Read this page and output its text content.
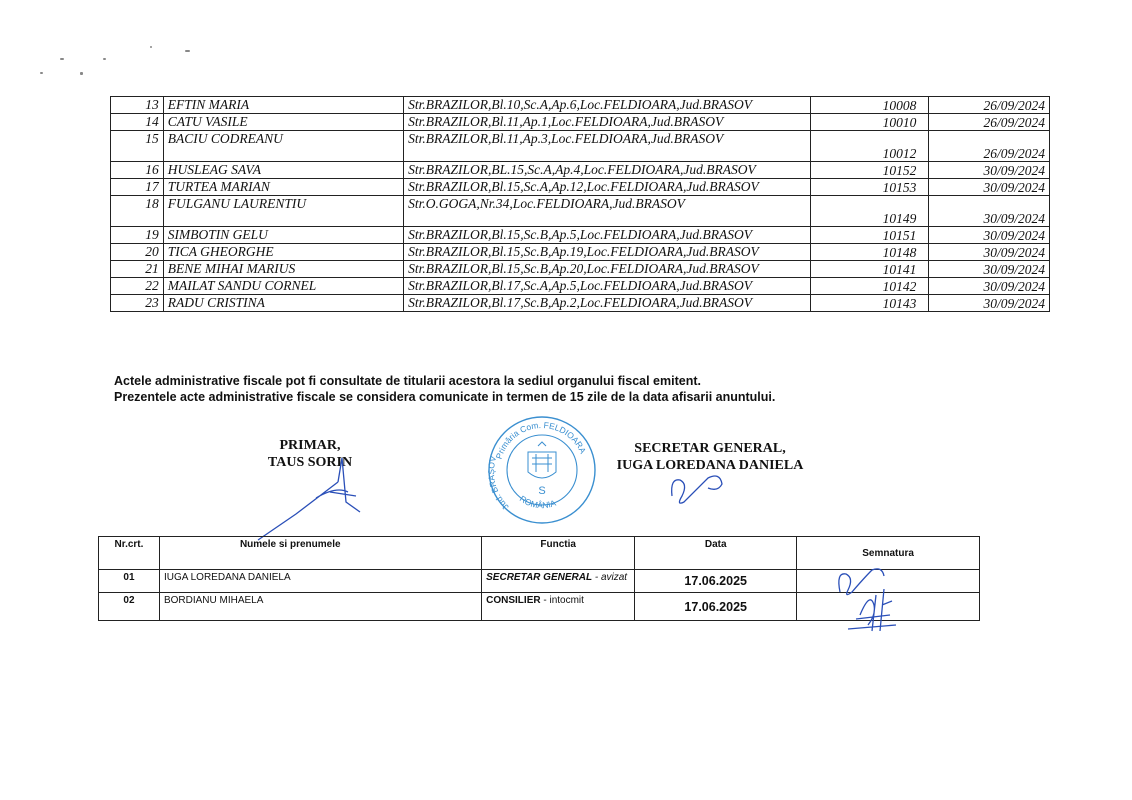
13	EFTIN MARIA	Str.BRAZILOR,Bl.10,Sc.A,Ap.6,Loc.FELDIOARA,Jud.BRASOV	10008	26/09/2024
14	CATU VASILE	Str.BRAZILOR,Bl.11,Ap.1,Loc.FELDIOARA,Jud.BRASOV	10010	26/09/2024
15	BACIU CODREANU	Str.BRAZILOR,Bl.11,Ap.3,Loc.FELDIOARA,Jud.BRASOV	10012	26/09/2024
16	HUSLEAG SAVA	Str.BRAZILOR,BL.15,Sc.A,Ap.4,Loc.FELDIOARA,Jud.BRASOV	10152	30/09/2024
17	TURTEA MARIAN	Str.BRAZILOR,Bl.15,Sc.A,Ap.12,Loc.FELDIOARA,Jud.BRASOV	10153	30/09/2024
18	FULGANU LAURENTIU	Str.O.GOGA,Nr.34,Loc.FELDIOARA,Jud.BRASOV	10149	30/09/2024
19	SIMBOTIN GELU	Str.BRAZILOR,Bl.15,Sc.B,Ap.5,Loc.FELDIOARA,Jud.BRASOV	10151	30/09/2024
20	TICA GHEORGHE	Str.BRAZILOR,Bl.15,Sc.B,Ap.19,Loc.FELDIOARA,Jud.BRASOV	10148	30/09/2024
21	BENE MIHAI MARIUS	Str.BRAZILOR,Bl.15,Sc.B,Ap.20,Loc.FELDIOARA,Jud.BRASOV	10141	30/09/2024
22	MAILAT SANDU CORNEL	Str.BRAZILOR,Bl.17,Sc.A,Ap.5,Loc.FELDIOARA,Jud.BRASOV	10142	30/09/2024
23	RADU CRISTINA	Str.BRAZILOR,Bl.17,Sc.B,Ap.2,Loc.FELDIOARA,Jud.BRASOV	10143	30/09/2024
Actele administrative fiscale pot fi consultate de titularii acestora la sediul organului fiscal emitent.
Prezentele acte administrative fiscale se considera comunicate in termen de 15 zile de la data afisarii anuntului.
Primăria Com. FELDIOARA
Jud. BRAȘOV
ROMÂNIA
S
PRIMAR,
TAUS SORIN
SECRETAR GENERAL,
IUGA LOREDANA DANIELA
Nr.crt.	Numele si prenumele	Functia	Data	Semnatura
01	IUGA LOREDANA DANIELA	SECRETAR GENERAL - avizat	17.06.2025	
02	BORDIANU MIHAELA	CONSILIER - intocmit	17.06.2025	
